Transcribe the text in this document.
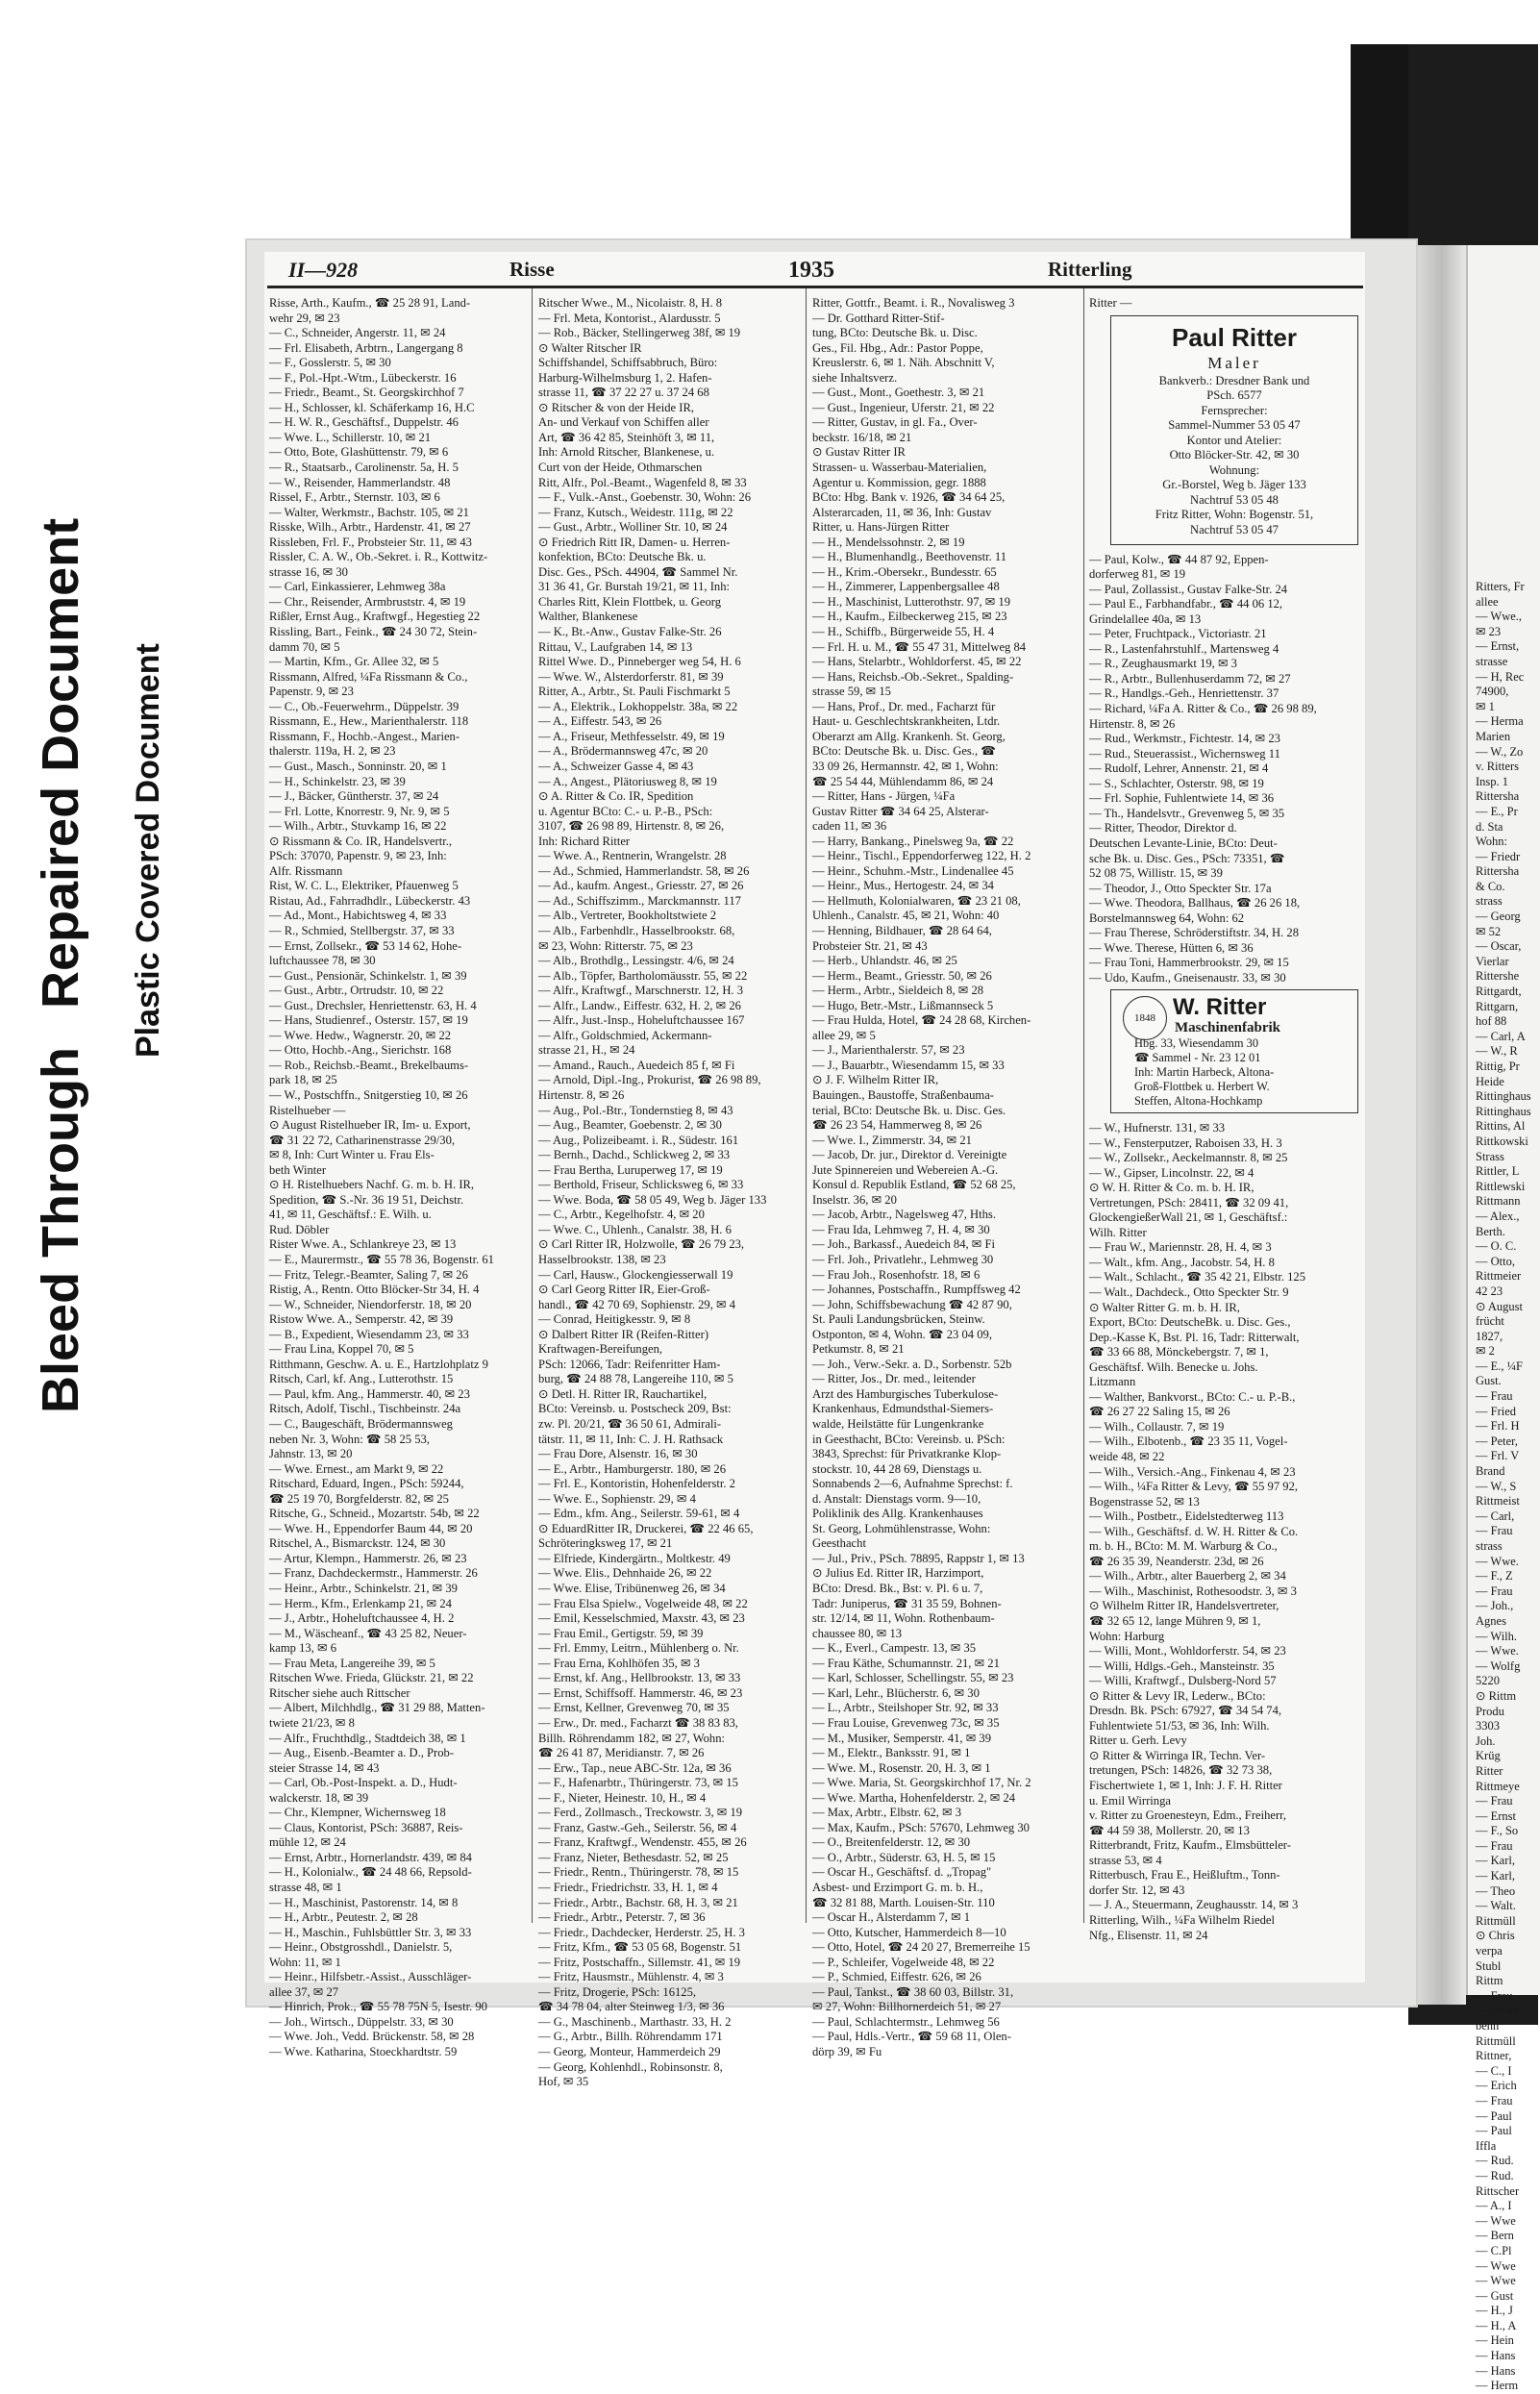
Bleed ThroughRepaired Document Plastic Covered Document
Ritters, Fr
allee
— Wwe.,
✉ 23
— Ernst,
strasse
— H, Rec
74900,
✉ 1
— Herma
Marien
— W., Zo
v. Ritters
Insp. 1
Rittersha
— E., Pr
d. Sta
Wohn:
— Friedr
Rittersha
& Co.
strass
— Georg
✉ 52
— Oscar,
Vierlar
Rittershe
Rittgardt,
Rittgarn,
hof 88
— Carl, A
— W., R
Rittig, Pr
Heide
Rittinghaus
Rittinghaus
Rittins, Al
Rittkowski
Strass
Rittler, L
Rittlewski
Rittmann
— Alex.,
Berth.
— O. C.
— Otto,
Rittmeier
42 23
⊙ August
frücht
1827,
✉ 2
— E., ¼F
Gust.
— Frau
— Fried
— Frl. H
— Peter,
— Frl. V
Brand
— W., S
Rittmeist
— Carl,
— Frau
strass
— Wwe.
— F., Z
— Frau
— Joh.,
Agnes
— Wilh.
— Wwe.
— Wolfg
5220
⊙ Rittm
Produ
3303
Joh.
Krüg
Ritter
Rittmeye
— Frau
— Ernst
— F., So
— Frau
— Karl,
— Karl,
— Theo
— Walt.
Rittmüll
⊙ Chris
verpa
Stubl
Rittm
— Frau
— Johan
benh
Rittmüll
Rittner,
— C., I
— Erich
— Frau
— Paul
— Paul
Iffla
— Rud.
— Rud.
Rittscher
— A., I
— Wwe
— Bern
— C.Pl
— Wwe
— Wwe
— Gust
— H., J
— H., A
— Hein
— Hans
— Hans
— Herm
II—928	Risse	1935	Ritterling
Risse, Arth., Kaufm., ☎ 25 28 91, Land-
wehr 29, ✉ 23
— C., Schneider, Angerstr. 11, ✉ 24
— Frl. Elisabeth, Arbtrn., Langergang 8
— F., Gosslerstr. 5, ✉ 30
— F., Pol.-Hpt.-Wtm., Lübeckerstr. 16
— Friedr., Beamt., St. Georgskirchhof 7
— H., Schlosser, kl. Schäferkamp 16, H.C
— H. W. R., Geschäftsf., Duppelstr. 46
— Wwe. L., Schillerstr. 10, ✉ 21
— Otto, Bote, Glashüttenstr. 79, ✉ 6
— R., Staatsarb., Carolinenstr. 5a, H. 5
— W., Reisender, Hammerlandstr. 48
Rissel, F., Arbtr., Sternstr. 103, ✉ 6
— Walter, Werkmstr., Bachstr. 105, ✉ 21
Risske, Wilh., Arbtr., Hardenstr. 41, ✉ 27
Rissleben, Frl. F., Probsteier Str. 11, ✉ 43
Rissler, C. A. W., Ob.-Sekret. i. R., Kottwitz-
strasse 16, ✉ 30
— Carl, Einkassierer, Lehmweg 38a
— Chr., Reisender, Armbruststr. 4, ✉ 19
Rißler, Ernst Aug., Kraftwgf., Hegestieg 22
Rissling, Bart., Feink., ☎ 24 30 72, Stein-
damm 70, ✉ 5
— Martin, Kfm., Gr. Allee 32, ✉ 5
Rissmann, Alfred, ¼Fa Rissmann & Co.,
Papenstr. 9, ✉ 23
— C., Ob.-Feuerwehrm., Düppelstr. 39
Rissmann, E., Hew., Marienthalerstr. 118
Rissmann, F., Hochb.-Angest., Marien-
thalerstr. 119a, H. 2, ✉ 23
— Gust., Masch., Sonninstr. 20, ✉ 1
— H., Schinkelstr. 23, ✉ 39
— J., Bäcker, Güntherstr. 37, ✉ 24
— Frl. Lotte, Knorrestr. 9, Nr. 9, ✉ 5
— Wilh., Arbtr., Stuvkamp 16, ✉ 22
⊙ Rissmann & Co. IR, Handelsvertr.,
PSch: 37070, Papenstr. 9, ✉ 23, Inh:
Alfr. Rissmann
Rist, W. C. L., Elektriker, Pfauenweg 5
Ristau, Ad., Fahrradhdlr., Lübeckerstr. 43
— Ad., Mont., Habichtsweg 4, ✉ 33
— R., Schmied, Stellbergstr. 37, ✉ 33
— Ernst, Zollsekr., ☎ 53 14 62, Hohe-
luftchaussee 78, ✉ 30
— Gust., Pensionär, Schinkelstr. 1, ✉ 39
— Gust., Arbtr., Ortrudstr. 10, ✉ 22
— Gust., Drechsler, Henriettenstr. 63, H. 4
— Hans, Studienref., Osterstr. 157, ✉ 19
— Wwe. Hedw., Wagnerstr. 20, ✉ 22
— Otto, Hochb.-Ang., Sierichstr. 168
— Rob., Reichsb.-Beamt., Brekelbaums-
park 18, ✉ 25
— W., Postschffn., Snitgerstieg 10, ✉ 26
Ristelhueber —
⊙ August Ristelhueber IR, Im- u. Export,
☎ 31 22 72, Catharinenstrasse 29/30,
✉ 8, Inh: Curt Winter u. Frau Els-
beth Winter
⊙ H. Ristelhuebers Nachf. G. m. b. H. IR,
Spedition, ☎ S.-Nr. 36 19 51, Deichstr.
41, ✉ 11, Geschäftsf.: E. Wilh. u.
Rud. Döbler
Rister Wwe. A., Schlankreye 23, ✉ 13
— E., Maurermstr., ☎ 55 78 36, Bogenstr. 61
— Fritz, Telegr.-Beamter, Saling 7, ✉ 26
Ristig, A., Rentn. Otto Blöcker-Str 34, H. 4
— W., Schneider, Niendorferstr. 18, ✉ 20
Ristow Wwe. A., Semperstr. 42, ✉ 39
— B., Expedient, Wiesendamm 23, ✉ 33
— Frau Lina, Koppel 70, ✉ 5
Ritthmann, Geschw. A. u. E., Hartzlohplatz 9
Ritsch, Carl, kf. Ang., Lutterothstr. 15
— Paul, kfm. Ang., Hammerstr. 40, ✉ 23
Ritsch, Adolf, Tischl., Tischbeinstr. 24a
— C., Baugeschäft, Brödermannsweg
neben Nr. 3, Wohn: ☎ 58 25 53,
Jahnstr. 13, ✉ 20
— Wwe. Ernest., am Markt 9, ✉ 22
Ritschard, Eduard, Ingen., PSch: 59244,
☎ 25 19 70, Borgfelderstr. 82, ✉ 25
Ritsche, G., Schneid., Mozartstr. 54b, ✉ 22
— Wwe. H., Eppendorfer Baum 44, ✉ 20
Ritschel, A., Bismarckstr. 124, ✉ 30
— Artur, Klempn., Hammerstr. 26, ✉ 23
— Franz, Dachdeckermstr., Hammerstr. 26
— Heinr., Arbtr., Schinkelstr. 21, ✉ 39
— Herm., Kfm., Erlenkamp 21, ✉ 24
— J., Arbtr., Hoheluftchaussee 4, H. 2
— M., Wäscheanf., ☎ 43 25 82, Neuer-
kamp 13, ✉ 6
— Frau Meta, Langereihe 39, ✉ 5
Ritschen Wwe. Frieda, Glückstr. 21, ✉ 22
Ritscher siehe auch Rittscher
— Albert, Milchhdlg., ☎ 31 29 88, Matten-
twiete 21/23, ✉ 8
— Alfr., Fruchthdlg., Stadtdeich 38, ✉ 1
— Aug., Eisenb.-Beamter a. D., Prob-
steier Strasse 14, ✉ 43
— Carl, Ob.-Post-Inspekt. a. D., Hudt-
walckerstr. 18, ✉ 39
— Chr., Klempner, Wichernsweg 18
— Claus, Kontorist, PSch: 36887, Reis-
mühle 12, ✉ 24
— Ernst, Arbtr., Hornerlandstr. 439, ✉ 84
— H., Kolonialw., ☎ 24 48 66, Repsold-
strasse 48, ✉ 1
— H., Maschinist, Pastorenstr. 14, ✉ 8
— H., Arbtr., Peutestr. 2, ✉ 28
— H., Maschin., Fuhlsbüttler Str. 3, ✉ 33
— Heinr., Obstgrosshdl., Danielstr. 5,
Wohn: 11, ✉ 1
— Heinr., Hilfsbetr.-Assist., Ausschläger-
allee 37, ✉ 27
— Hinrich, Prok., ☎ 55 78 75N 5, Isestr. 90
— Joh., Wirtsch., Düppelstr. 33, ✉ 30
— Wwe. Joh., Vedd. Brückenstr. 58, ✉ 28
— Wwe. Katharina, Stoeckhardtstr. 59
Ritscher Wwe., M., Nicolaistr. 8, H. 8
— Frl. Meta, Kontorist., Alardusstr. 5
— Rob., Bäcker, Stellingerweg 38f, ✉ 19
⊙ Walter Ritscher IR
Schiffshandel, Schiffsabbruch, Büro:
Harburg-Wilhelmsburg 1, 2. Hafen-
strasse 11, ☎ 37 22 27 u. 37 24 68
⊙ Ritscher & von der Heide IR,
An- und Verkauf von Schiffen aller
Art, ☎ 36 42 85, Steinhöft 3, ✉ 11,
Inh: Arnold Ritscher, Blankenese, u.
Curt von der Heide, Othmarschen
Ritt, Alfr., Pol.-Beamt., Wagenfeld 8, ✉ 33
— F., Vulk.-Anst., Goebenstr. 30, Wohn: 26
— Franz, Kutsch., Weidestr. 111g, ✉ 22
— Gust., Arbtr., Wolliner Str. 10, ✉ 24
⊙ Friedrich Ritt IR, Damen- u. Herren-
konfektion, BCto: Deutsche Bk. u.
Disc. Ges., PSch. 44904, ☎ Sammel Nr.
31 36 41, Gr. Burstah 19/21, ✉ 11, Inh:
Charles Ritt, Klein Flottbek, u. Georg
Walther, Blankenese
— K., Bt.-Anw., Gustav Falke-Str. 26
Rittau, V., Laufgraben 14, ✉ 13
Rittel Wwe. D., Pinneberger weg 54, H. 6
— Wwe. W., Alsterdorferstr. 81, ✉ 39
Ritter, A., Arbtr., St. Pauli Fischmarkt 5
— A., Elektrik., Lokhoppelstr. 38a, ✉ 22
— A., Eiffestr. 543, ✉ 26
— A., Friseur, Methfesselstr. 49, ✉ 19
— A., Brödermannsweg 47c, ✉ 20
— A., Schweizer Gasse 4, ✉ 43
— A., Angest., Plätoriusweg 8, ✉ 19
⊙ A. Ritter & Co. IR, Spedition
u. Agentur BCto: C.- u. P.-B., PSch:
3107, ☎ 26 98 89, Hirtenstr. 8, ✉ 26,
Inh: Richard Ritter
— Wwe. A., Rentnerin, Wrangelstr. 28
— Ad., Schmied, Hammerlandstr. 58, ✉ 26
— Ad., kaufm. Angest., Griesstr. 27, ✉ 26
— Ad., Schiffszimm., Marckmannstr. 117
— Alb., Vertreter, Bookholtstwiete 2
— Alb., Farbenhdlr., Hasselbrookstr. 68,
✉ 23, Wohn: Ritterstr. 75, ✉ 23
— Alb., Brothdlg., Lessingstr. 4/6, ✉ 24
— Alb., Töpfer, Bartholomäusstr. 55, ✉ 22
— Alfr., Kraftwgf., Marschnerstr. 12, H. 3
— Alfr., Landw., Eiffestr. 632, H. 2, ✉ 26
— Alfr., Just.-Insp., Hoheluftchaussee 167
— Alfr., Goldschmied, Ackermann-
strasse 21, H., ✉ 24
— Amand., Rauch., Auedeich 85 f, ✉ Fi
— Arnold, Dipl.-Ing., Prokurist, ☎ 26 98 89,
Hirtenstr. 8, ✉ 26
— Aug., Pol.-Btr., Tondernstieg 8, ✉ 43
— Aug., Beamter, Goebenstr. 2, ✉ 30
— Aug., Polizeibeamt. i. R., Südestr. 161
— Bernh., Dachd., Schlickweg 2, ✉ 33
— Frau Bertha, Luruperweg 17, ✉ 19
— Berthold, Friseur, Schlicksweg 6, ✉ 33
— Wwe. Boda, ☎ 58 05 49, Weg b. Jäger 133
— C., Arbtr., Kegelhofstr. 4, ✉ 20
— Wwe. C., Uhlenh., Canalstr. 38, H. 6
⊙ Carl Ritter IR, Holzwolle, ☎ 26 79 23,
Hasselbrookstr. 138, ✉ 23
— Carl, Hausw., Glockengiesserwall 19
⊙ Carl Georg Ritter IR, Eier-Groß-
handl., ☎ 42 70 69, Sophienstr. 29, ✉ 4
— Conrad, Heitigkesstr. 9, ✉ 8
⊙ Dalbert Ritter IR (Reifen-Ritter)
Kraftwagen-Bereifungen,
PSch: 12066, Tadr: Reifenritter Ham-
burg, ☎ 24 88 78, Langereihe 110, ✉ 5
⊙ Detl. H. Ritter IR, Rauchartikel,
BCto: Vereinsb. u. Postscheck 209, Bst:
zw. Pl. 20/21, ☎ 36 50 61, Admirali-
tätstr. 11, ✉ 11, Inh: C. J. H. Rathsack
— Frau Dore, Alsenstr. 16, ✉ 30
— E., Arbtr., Hamburgerstr. 180, ✉ 26
— Frl. E., Kontoristin, Hohenfelderstr. 2
— Wwe. E., Sophienstr. 29, ✉ 4
— Edm., kfm. Ang., Seilerstr. 59-61, ✉ 4
⊙ EduardRitter IR, Druckerei, ☎ 22 46 65,
Schröteringksweg 17, ✉ 21
— Elfriede, Kindergärtn., Moltkestr. 49
— Wwe. Elis., Dehnhaide 26, ✉ 22
— Wwe. Elise, Tribünenweg 26, ✉ 34
— Frau Elsa Spielw., Vogelweide 48, ✉ 22
— Emil, Kesselschmied, Maxstr. 43, ✉ 23
— Frau Emil., Gertigstr. 59, ✉ 39
— Frl. Emmy, Leitrn., Mühlenberg o. Nr.
— Frau Erna, Kohlhöfen 35, ✉ 3
— Ernst, kf. Ang., Hellbrookstr. 13, ✉ 33
— Ernst, Schiffsoff. Hammerstr. 46, ✉ 23
— Ernst, Kellner, Grevenweg 70, ✉ 35
— Erw., Dr. med., Facharzt ☎ 38 83 83,
Billh. Röhrendamm 182, ✉ 27, Wohn:
☎ 26 41 87, Meridianstr. 7, ✉ 26
— Erw., Tap., neue ABC-Str. 12a, ✉ 36
— F., Hafenarbtr., Thüringerstr. 73, ✉ 15
— F., Nieter, Heinestr. 10, H., ✉ 4
— Ferd., Zollmasch., Treckowstr. 3, ✉ 19
— Franz, Gastw.-Geh., Seilerstr. 56, ✉ 4
— Franz, Kraftwgf., Wendenstr. 455, ✉ 26
— Franz, Nieter, Bethesdastr. 52, ✉ 25
— Friedr., Rentn., Thüringerstr. 78, ✉ 15
— Friedr., Friedrichstr. 33, H. 1, ✉ 4
— Friedr., Arbtr., Bachstr. 68, H. 3, ✉ 21
— Friedr., Arbtr., Peterstr. 7, ✉ 36
— Friedr., Dachdecker, Herderstr. 25, H. 3
— Fritz, Kfm., ☎ 53 05 68, Bogenstr. 51
— Fritz, Postschaffn., Sillemstr. 41, ✉ 19
— Fritz, Hausmstr., Mühlenstr. 4, ✉ 3
— Fritz, Drogerie, PSch: 16125,
☎ 34 78 04, alter Steinweg 1/3, ✉ 36
— G., Maschinenb., Marthastr. 33, H. 2
— G., Arbtr., Billh. Röhrendamm 171
— Georg, Monteur, Hammerdeich 29
— Georg, Kohlenhdl., Robinsonstr. 8,
Hof, ✉ 35
Ritter, Gottfr., Beamt. i. R., Novalisweg 3
— Dr. Gotthard Ritter-Stif-
tung, BCto: Deutsche Bk. u. Disc.
Ges., Fil. Hbg., Adr.: Pastor Poppe,
Kreuslerstr. 6, ✉ 1. Näh. Abschnitt V,
siehe Inhaltsverz.
— Gust., Mont., Goethestr. 3, ✉ 21
— Gust., Ingenieur, Uferstr. 21, ✉ 22
— Ritter, Gustav, in gl. Fa., Over-
beckstr. 16/18, ✉ 21
⊙ Gustav Ritter IR
Strassen- u. Wasserbau-Materialien,
Agentur u. Kommission, gegr. 1888
BCto: Hbg. Bank v. 1926, ☎ 34 64 25,
Alsterarcaden, 11, ✉ 36, Inh: Gustav
Ritter, u. Hans-Jürgen Ritter
— H., Mendelssohnstr. 2, ✉ 19
— H., Blumenhandlg., Beethovenstr. 11
— H., Krim.-Obersekr., Bundesstr. 65
— H., Zimmerer, Lappenbergsallee 48
— H., Maschinist, Lutterothstr. 97, ✉ 19
— H., Kaufm., Eilbeckerweg 215, ✉ 23
— H., Schiffb., Bürgerweide 55, H. 4
— Frl. H. u. M., ☎ 55 47 31, Mittelweg 84
— Hans, Stelarbtr., Wohldorferst. 45, ✉ 22
— Hans, Reichsb.-Ob.-Sekret., Spalding-
strasse 59, ✉ 15
— Hans, Prof., Dr. med., Facharzt für
Haut- u. Geschlechtskrankheiten, Ltdr.
Oberarzt am Allg. Krankenh. St. Georg,
BCto: Deutsche Bk. u. Disc. Ges., ☎
33 09 26, Hermannstr. 42, ✉ 1, Wohn:
☎ 25 54 44, Mühlendamm 86, ✉ 24
— Ritter, Hans - Jürgen, ¼Fa
Gustav Ritter ☎ 34 64 25, Alsterar-
caden 11, ✉ 36
— Harry, Bankang., Pinelsweg 9a, ☎ 22
— Heinr., Tischl., Eppendorferweg 122, H. 2
— Heinr., Schuhm.-Mstr., Lindenallee 45
— Heinr., Mus., Hertogestr. 24, ✉ 34
— Hellmuth, Kolonialwaren, ☎ 23 21 08,
Uhlenh., Canalstr. 45, ✉ 21, Wohn: 40
— Henning, Bildhauer, ☎ 28 64 64,
Probsteier Str. 21, ✉ 43
— Herb., Uhlandstr. 46, ✉ 25
— Herm., Beamt., Griesstr. 50, ✉ 26
— Herm., Arbtr., Sieldeich 8, ✉ 28
— Hugo, Betr.-Mstr., Lißmannseck 5
— Frau Hulda, Hotel, ☎ 24 28 68, Kirchen-
allee 29, ✉ 5
— J., Marienthalerstr. 57, ✉ 23
— J., Bauarbtr., Wiesendamm 15, ✉ 33
⊙ J. F. Wilhelm Ritter IR,
Bauingen., Baustoffe, Straßenbauma-
terial, BCto: Deutsche Bk. u. Disc. Ges.
☎ 26 23 54, Hammerweg 8, ✉ 26
— Wwe. I., Zimmerstr. 34, ✉ 21
— Jacob, Dr. jur., Direktor d. Vereinigte
Jute Spinnereien und Webereien A.-G.
Konsul d. Republik Estland, ☎ 52 68 25,
Inselstr. 36, ✉ 20
— Jacob, Arbtr., Nagelsweg 47, Hths.
— Frau Ida, Lehmweg 7, H. 4, ✉ 30
— Joh., Barkassf., Auedeich 84, ✉ Fi
— Frl. Joh., Privatlehr., Lehmweg 30
— Frau Joh., Rosenhofstr. 18, ✉ 6
— Johannes, Postschaffn., Rumpffsweg 42
— John, Schiffsbewachung ☎ 42 87 90,
St. Pauli Landungsbrücken, Steinw.
Ostponton, ✉ 4, Wohn. ☎ 23 04 09,
Petkumstr. 8, ✉ 21
— Joh., Verw.-Sekr. a. D., Sorbenstr. 52b
— Ritter, Jos., Dr. med., leitender
Arzt des Hamburgisches Tuberkulose-
Krankenhaus, Edmundsthal-Siemers-
walde, Heilstätte für Lungenkranke
in Geesthacht, BCto: Vereinsb. u. PSch:
3843, Sprechst: für Privatkranke Klop-
stockstr. 10, 44 28 69, Dienstags u.
Sonnabends 2—6, Aufnahme Sprechst: f.
d. Anstalt: Dienstags vorm. 9—10,
Poliklinik des Allg. Krankenhauses
St. Georg, Lohmühlenstrasse, Wohn:
Geesthacht
— Jul., Priv., PSch. 78895, Rappstr 1, ✉ 13
⊙ Julius Ed. Ritter IR, Harzimport,
BCto: Dresd. Bk., Bst: v. Pl. 6 u. 7,
Tadr: Juniperus, ☎ 31 35 59, Bohnen-
str. 12/14, ✉ 11, Wohn. Rothenbaum-
chaussee 80, ✉ 13
— K., Everl., Campestr. 13, ✉ 35
— Frau Käthe, Schumannstr. 21, ✉ 21
— Karl, Schlosser, Schellingstr. 55, ✉ 23
— Karl, Lehr., Blücherstr. 6, ✉ 30
— L., Arbtr., Steilshoper Str. 92, ✉ 33
— Frau Louise, Grevenweg 73c, ✉ 35
— M., Musiker, Semperstr. 41, ✉ 39
— M., Elektr., Banksstr. 91, ✉ 1
— Wwe. M., Rosenstr. 20, H. 3, ✉ 1
— Wwe. Maria, St. Georgskirchhof 17, Nr. 2
— Wwe. Martha, Hohenfelderstr. 2, ✉ 24
— Max, Arbtr., Elbstr. 62, ✉ 3
— Max, Kaufm., PSch: 57670, Lehmweg 30
— O., Breitenfelderstr. 12, ✉ 30
— O., Arbtr., Süderstr. 63, H. 5, ✉ 15
— Oscar H., Geschäftsf. d. „Tropag"
Asbest- und Erzimport G. m. b. H.,
☎ 32 81 88, Marth. Louisen-Str. 110
— Oscar H., Alsterdamm 7, ✉ 1
— Otto, Kutscher, Hammerdeich 8—10
— Otto, Hotel, ☎ 24 20 27, Bremerreihe 15
— P., Schleifer, Vogelweide 48, ✉ 22
— P., Schmied, Eiffestr. 626, ✉ 26
— Paul, Tankst., ☎ 38 60 03, Billstr. 31,
✉ 27, Wohn: Billhornerdeich 51, ✉ 27
— Paul, Schlachtermstr., Lehmweg 56
— Paul, Hdls.-Vertr., ☎ 59 68 11, Olen-
dörp 39, ✉ Fu
Ritter —
Paul Ritter
Maler
Bankverb.: Dresdner Bank und
PSch. 6577
Fernsprecher:
Sammel-Nummer 53 05 47
Kontor und Atelier:
Otto Blöcker-Str. 42, ✉ 30
Wohnung:
Gr.-Borstel, Weg b. Jäger 133
Nachtruf 53 05 48
Fritz Ritter, Wohn: Bogenstr. 51,
Nachtruf 53 05 47
— Paul, Kolw., ☎ 44 87 92, Eppen-
dorferweg 81, ✉ 19
— Paul, Zollassist., Gustav Falke-Str. 24
— Paul E., Farbhandfabr., ☎ 44 06 12,
Grindelallee 40a, ✉ 13
— Peter, Fruchtpack., Victoriastr. 21
— R., Lastenfahrstuhlf., Martensweg 4
— R., Zeughausmarkt 19, ✉ 3
— R., Arbtr., Bullenhuserdamm 72, ✉ 27
— R., Handlgs.-Geh., Henriettenstr. 37
— Richard, ¼Fa A. Ritter & Co., ☎ 26 98 89,
Hirtenstr. 8, ✉ 26
— Rud., Werkmstr., Fichtestr. 14, ✉ 23
— Rud., Steuerassist., Wichernsweg 11
— Rudolf, Lehrer, Annenstr. 21, ✉ 4
— S., Schlachter, Osterstr. 98, ✉ 19
— Frl. Sophie, Fuhlentwiete 14, ✉ 36
— Th., Handelsvtr., Grevenweg 5, ✉ 35
— Ritter, Theodor, Direktor d.
Deutschen Levante-Linie, BCto: Deut-
sche Bk. u. Disc. Ges., PSch: 73351, ☎
52 08 75, Willistr. 15, ✉ 39
— Theodor, J., Otto Speckter Str. 17a
— Wwe. Theodora, Ballhaus, ☎ 26 26 18,
Borstelmannsweg 64, Wohn: 62
— Frau Therese, Schröderstiftstr. 34, H. 28
— Wwe. Therese, Hütten 6, ✉ 36
— Frau Toni, Hammerbrookstr. 29, ✉ 15
— Udo, Kaufm., Gneisenaustr. 33, ✉ 30
1848 W. Ritter
Maschinenfabrik
Hbg. 33, Wiesendamm 30
☎ Sammel - Nr. 23 12 01
Inh: Martin Harbeck, Altona-
Groß-Flottbek u. Herbert W.
Steffen, Altona-Hochkamp
— W., Hufnerstr. 131, ✉ 33
— W., Fensterputzer, Raboisen 33, H. 3
— W., Zollsekr., Aeckelmannstr. 8, ✉ 25
— W., Gipser, Lincolnstr. 22, ✉ 4
⊙ W. H. Ritter & Co. m. b. H. IR,
Vertretungen, PSch: 28411, ☎ 32 09 41,
GlockengießerWall 21, ✉ 1, Geschäftsf.:
Wilh. Ritter
— Frau W., Mariennstr. 28, H. 4, ✉ 3
— Walt., kfm. Ang., Jacobstr. 54, H. 8
— Walt., Schlacht., ☎ 35 42 21, Elbstr. 125
— Walt., Dachdeck., Otto Speckter Str. 9
⊙ Walter Ritter G. m. b. H. IR,
Export, BCto: DeutscheBk. u. Disc. Ges.,
Dep.-Kasse K, Bst. Pl. 16, Tadr: Ritterwalt,
☎ 33 66 88, Mönckebergstr. 7, ✉ 1,
Geschäftsf. Wilh. Benecke u. Johs.
Litzmann
— Walther, Bankvorst., BCto: C.- u. P.-B.,
☎ 26 27 22 Saling 15, ✉ 26
— Wilh., Collaustr. 7, ✉ 19
— Wilh., Elbotenb., ☎ 23 35 11, Vogel-
weide 48, ✉ 22
— Wilh., Versich.-Ang., Finkenau 4, ✉ 23
— Wilh., ¼Fa Ritter & Levy, ☎ 55 97 92,
Bogenstrasse 52, ✉ 13
— Wilh., Postbetr., Eidelstedterweg 113
— Wilh., Geschäftsf. d. W. H. Ritter & Co.
m. b. H., BCto: M. M. Warburg & Co.,
☎ 26 35 39, Neanderstr. 23d, ✉ 26
— Wilh., Arbtr., alter Bauerberg 2, ✉ 34
— Wilh., Maschinist, Rothesoodstr. 3, ✉ 3
⊙ Wilhelm Ritter IR, Handelsvertreter,
☎ 32 65 12, lange Mühren 9, ✉ 1,
Wohn: Harburg
— Willi, Mont., Wohldorferstr. 54, ✉ 23
— Willi, Hdlgs.-Geh., Mansteinstr. 35
— Willi, Kraftwgf., Dulsberg-Nord 57
⊙ Ritter & Levy IR, Lederw., BCto:
Dresdn. Bk. PSch: 67927, ☎ 34 54 74,
Fuhlentwiete 51/53, ✉ 36, Inh: Wilh.
Ritter u. Gerh. Levy
⊙ Ritter & Wirringa IR, Techn. Ver-
tretungen, PSch: 14826, ☎ 32 73 38,
Fischertwiete 1, ✉ 1, Inh: J. F. H. Ritter
u. Emil Wirringa
v. Ritter zu Groenesteyn, Edm., Freiherr,
☎ 44 59 38, Mollerstr. 20, ✉ 13
Ritterbrandt, Fritz, Kaufm., Elmsbütteler-
strasse 53, ✉ 4
Ritterbusch, Frau E., Heißluftm., Tonn-
dorfer Str. 12, ✉ 43
— J. A., Steuermann, Zeughausstr. 14, ✉ 3
Ritterling, Wilh., ¼Fa Wilhelm Riedel
Nfg., Elisenstr. 11, ✉ 24
